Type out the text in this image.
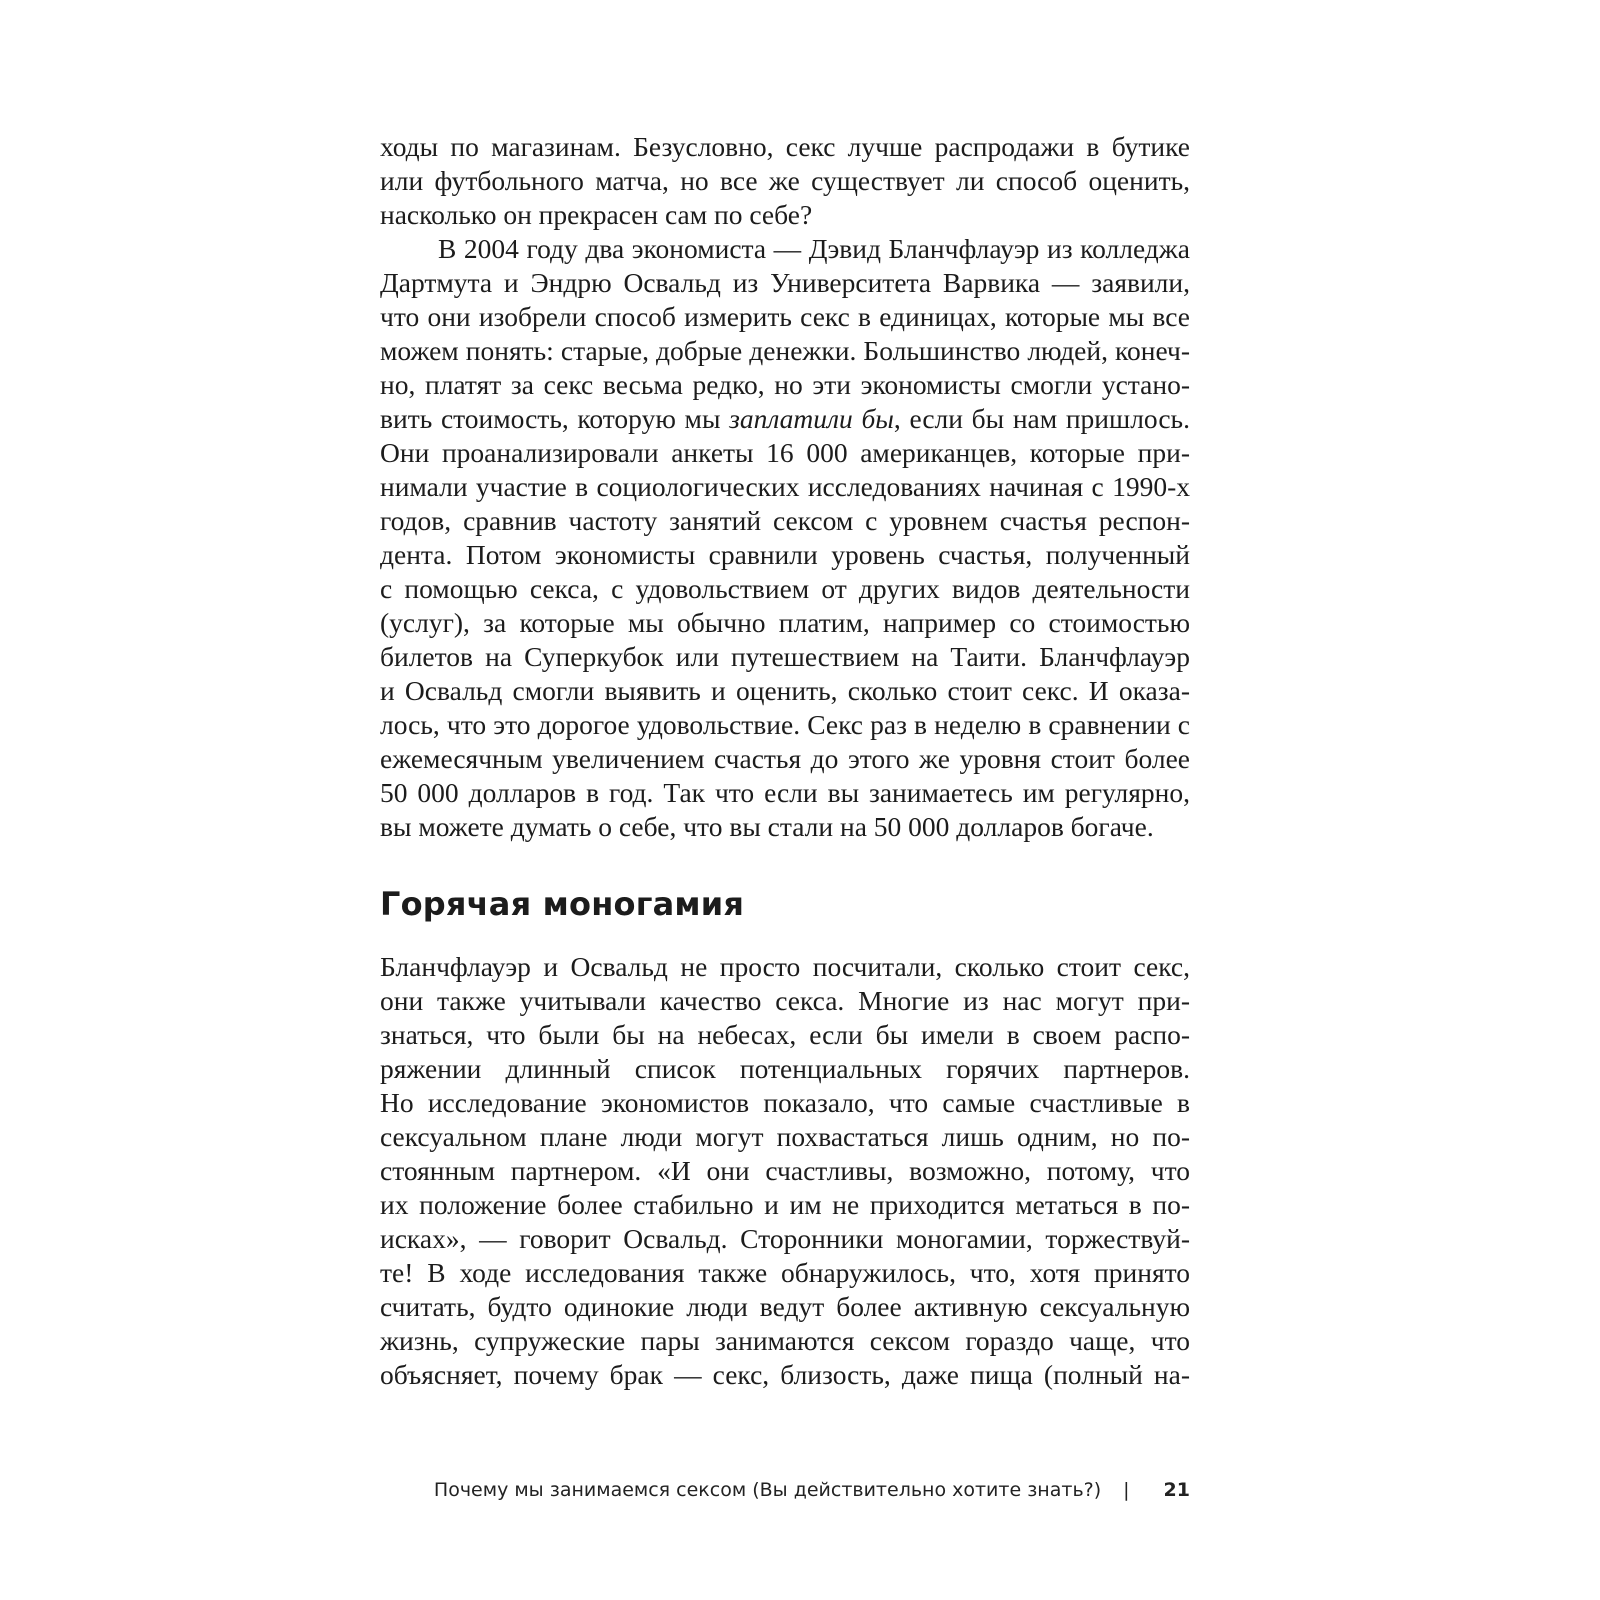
ходы по магазинам. Безусловно, секс лучше распродажи в бутике
или футбольного матча, но все же существует ли способ оценить,
насколько он прекрасен сам по себе?
В 2004 году два экономиста — Дэвид Бланчфлауэр из колледжа
Дартмута и Эндрю Освальд из Университета Варвика — заявили,
что они изобрели способ измерить секс в единицах, которые мы все
можем понять: старые, добрые денежки. Большинство людей, конеч-
но, платят за секс весьма редко, но эти экономисты смогли устано-
вить стоимость, которую мы заплатили бы, если бы нам пришлось.
Они проанализировали анкеты 16 000 американцев, которые при-
нимали участие в социологических исследованиях начиная с 1990-х
годов, сравнив частоту занятий сексом с уровнем счастья респон-
дента. Потом экономисты сравнили уровень счастья, полученный
с помощью секса, с удовольствием от других видов деятельности
(услуг), за которые мы обычно платим, например со стоимостью
билетов на Суперкубок или путешествием на Таити. Бланчфлауэр
и Освальд смогли выявить и оценить, сколько стоит секс. И оказа-
лось, что это дорогое удовольствие. Секс раз в неделю в сравнении с
ежемесячным увеличением счастья до этого же уровня стоит более
50 000 долларов в год. Так что если вы занимаетесь им регулярно,
вы можете думать о себе, что вы стали на 50 000 долларов богаче.
Горячая моногамия
Бланчфлауэр и Освальд не просто посчитали, сколько стоит секс,
они также учитывали качество секса. Многие из нас могут при-
знаться, что были бы на небесах, если бы имели в своем распо-
ряжении длинный список потенциальных горячих партнеров.
Но исследование экономистов показало, что самые счастливые в
сексуальном плане люди могут похвастаться лишь одним, но по-
стоянным партнером. «И они счастливы, возможно, потому, что
их положение более стабильно и им не приходится метаться в по-
исках», — говорит Освальд. Сторонники моногамии, торжествуй-
те! В ходе исследования также обнаружилось, что, хотя принято
считать, будто одинокие люди ведут более активную сексуальную
жизнь, супружеские пары занимаются сексом гораздо чаще, что
объясняет, почему брак — секс, близость, даже пища (полный на-
Почему мы занимаемся сексом (Вы действительно хотите знать?) | 21
